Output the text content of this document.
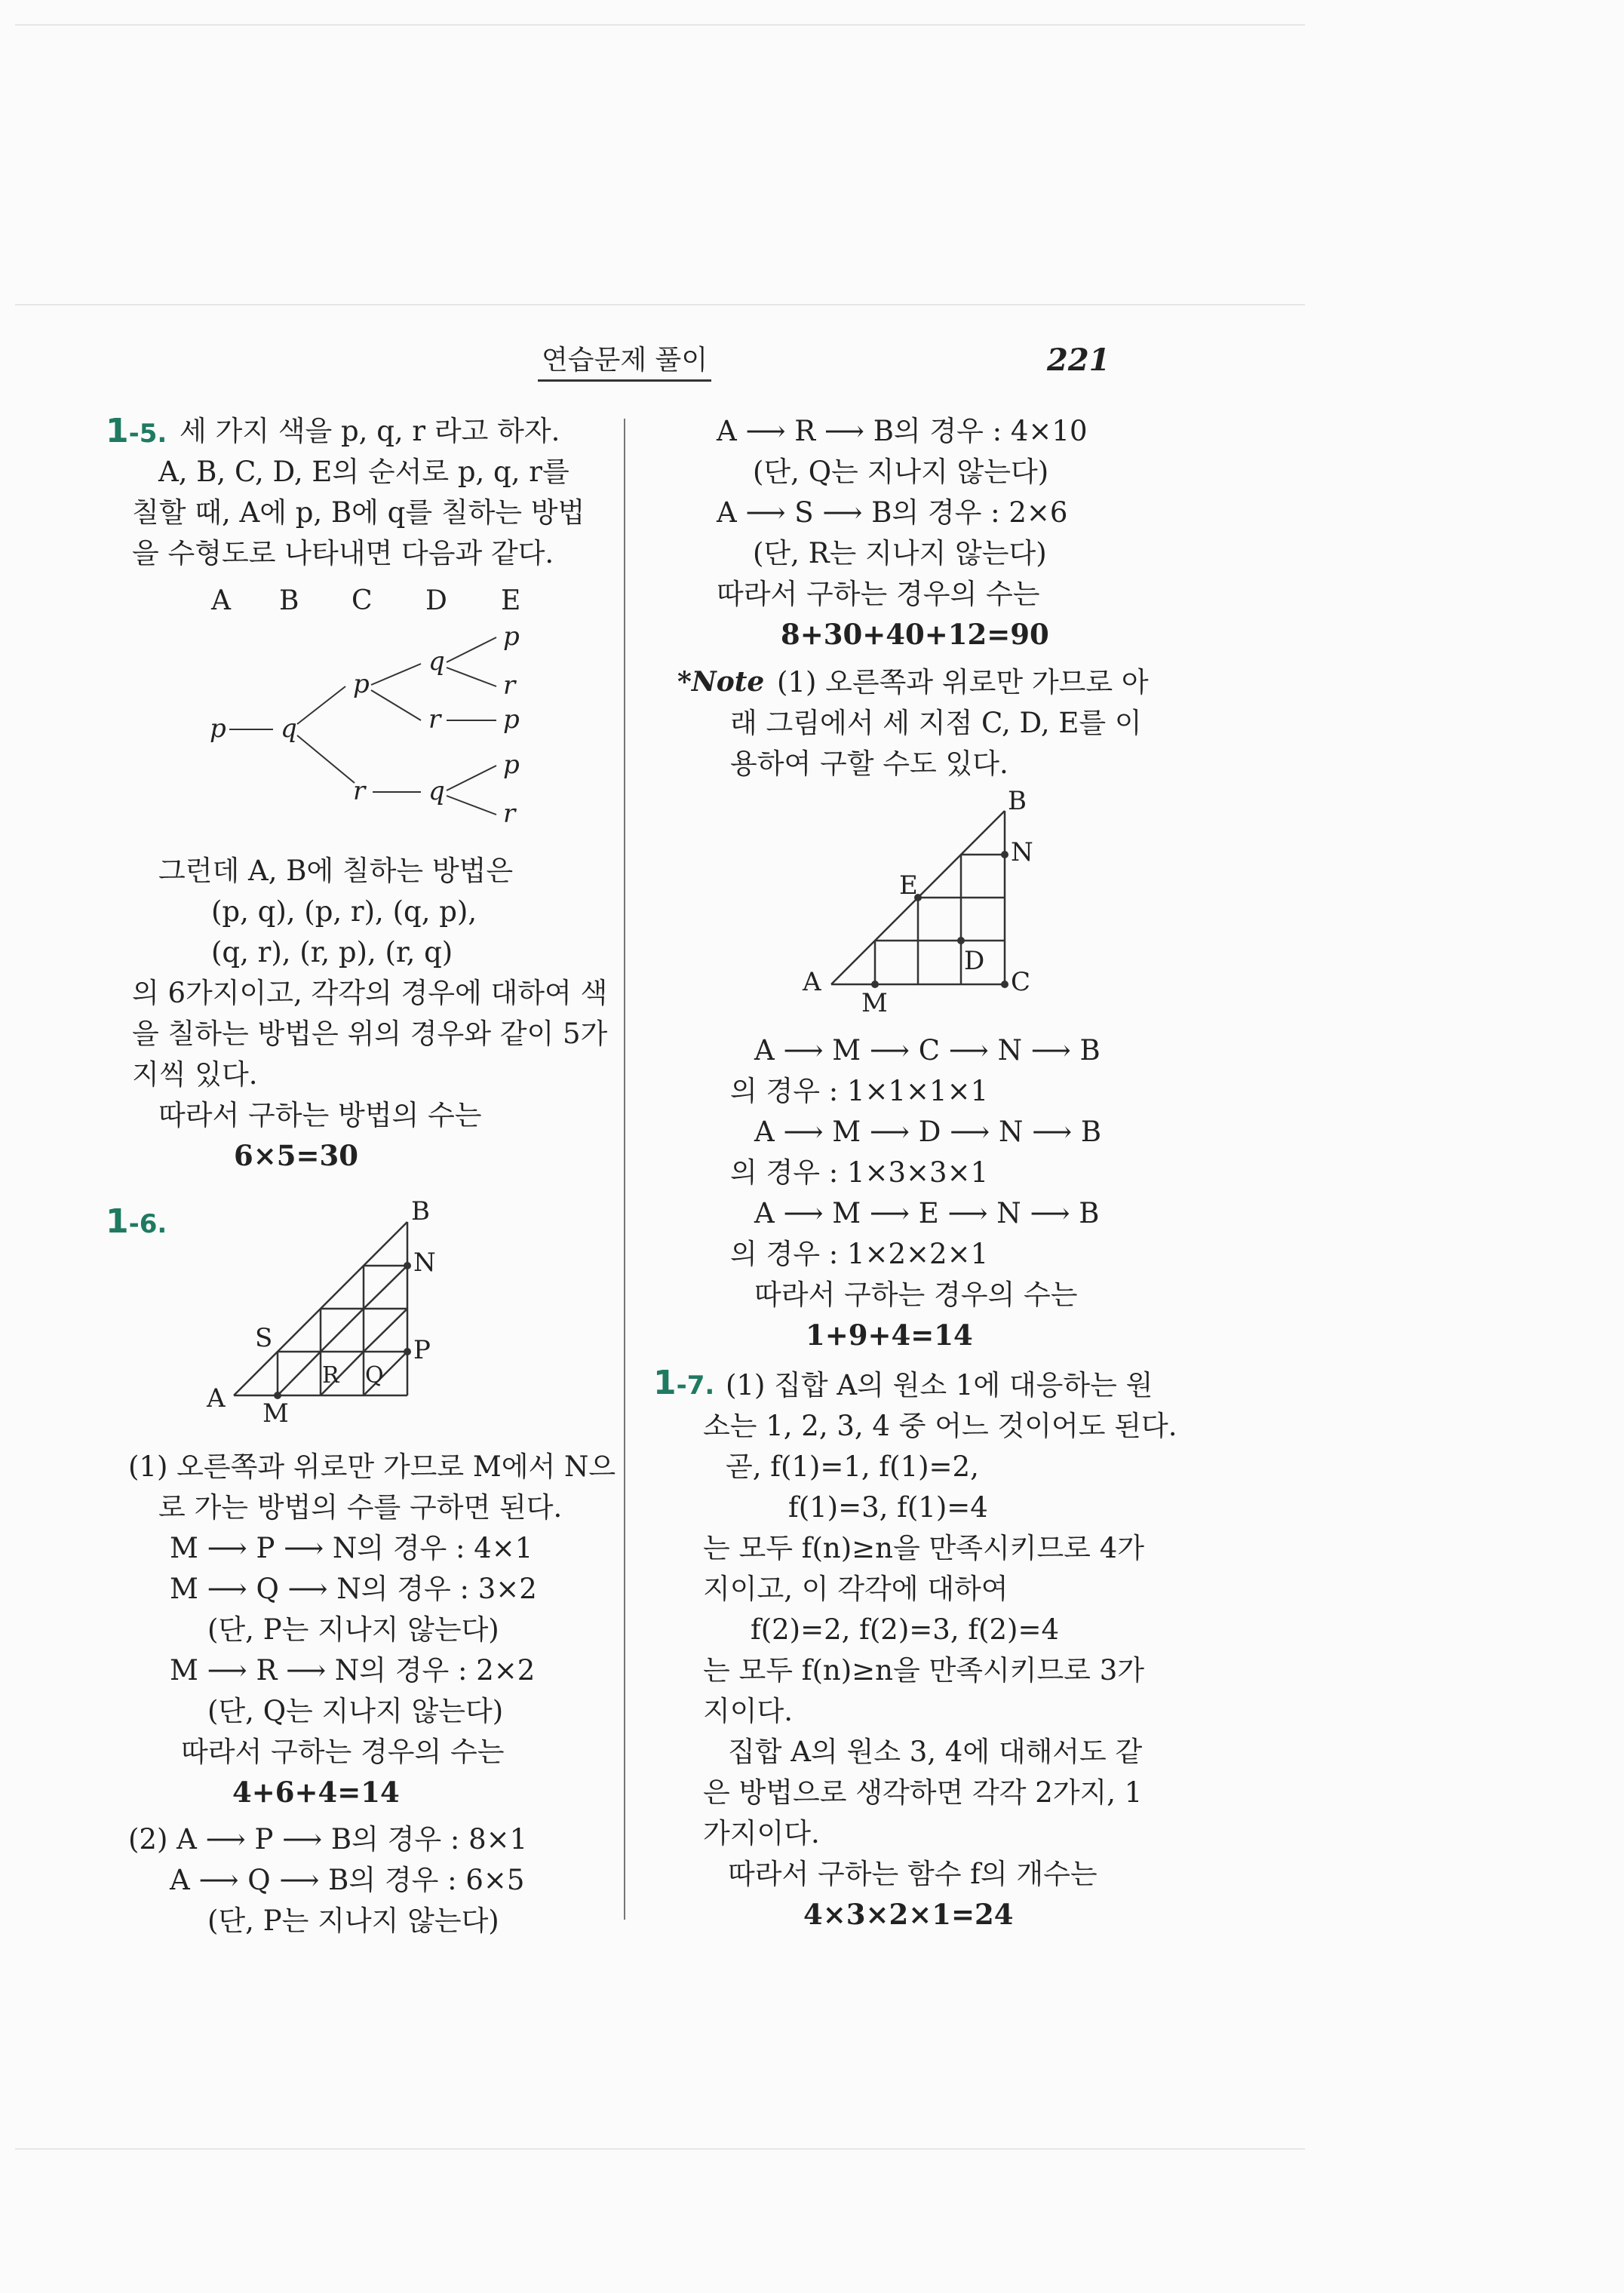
연습문제 풀이	221
1-5. 세 가지 색을 p, q, r 라고 하자.
A, B, C, D, E의 순서로 p, q, r를
칠할 때, A에 p, B에 q를 칠하는 방법
을 수형도로 나타내면 다음과 같다.
A B C D E
p q
p
q
p
r
r p
r q
p
r
그런데 A, B에 칠하는 방법은
(p, q), (p, r), (q, p),
(q, r), (r, p), (r, q)
의 6가지이고, 각각의 경우에 대하여 색
을 칠하는 방법은 위의 경우와 같이 5가
지씩 있다.
따라서 구하는 방법의 수는
6×5=30
1-6.	B
N
S
R Q
P
A M
(1) 오른쪽과 위로만 가므로 M에서 N으
로 가는 방법의 수를 구하면 된다.
M ⟶ P ⟶ N의 경우 : 4×1
M ⟶ Q ⟶ N의 경우 : 3×2
(단, P는 지나지 않는다)
M ⟶ R ⟶ N의 경우 : 2×2
(단, Q는 지나지 않는다)
따라서 구하는 경우의 수는
4+6+4=14
(2) A ⟶ P ⟶ B의 경우 : 8×1
A ⟶ Q ⟶ B의 경우 : 6×5
(단, P는 지나지 않는다)
A ⟶ R ⟶ B의 경우 : 4×10
(단, Q는 지나지 않는다)
A ⟶ S ⟶ B의 경우 : 2×6
(단, R는 지나지 않는다)
따라서 구하는 경우의 수는
8+30+40+12=90
*Note (1) 오른쪽과 위로만 가므로 아
래 그림에서 세 지점 C, D, E를 이
용하여 구할 수도 있다.
B
N
E
D
A
M
C
A ⟶ M ⟶ C ⟶ N ⟶ B
의 경우 : 1×1×1×1
A ⟶ M ⟶ D ⟶ N ⟶ B
의 경우 : 1×3×3×1
A ⟶ M ⟶ E ⟶ N ⟶ B
의 경우 : 1×2×2×1
따라서 구하는 경우의 수는
1+9+4=14
1-7. (1) 집합 A의 원소 1에 대응하는 원
소는 1, 2, 3, 4 중 어느 것이어도 된다.
곧, f(1)=1, f(1)=2,
f(1)=3, f(1)=4
는 모두 f(n)≥n을 만족시키므로 4가
지이고, 이 각각에 대하여
f(2)=2, f(2)=3, f(2)=4
는 모두 f(n)≥n을 만족시키므로 3가
지이다.
집합 A의 원소 3, 4에 대해서도 같
은 방법으로 생각하면 각각 2가지, 1
가지이다.
따라서 구하는 함수 f의 개수는
4×3×2×1=24
